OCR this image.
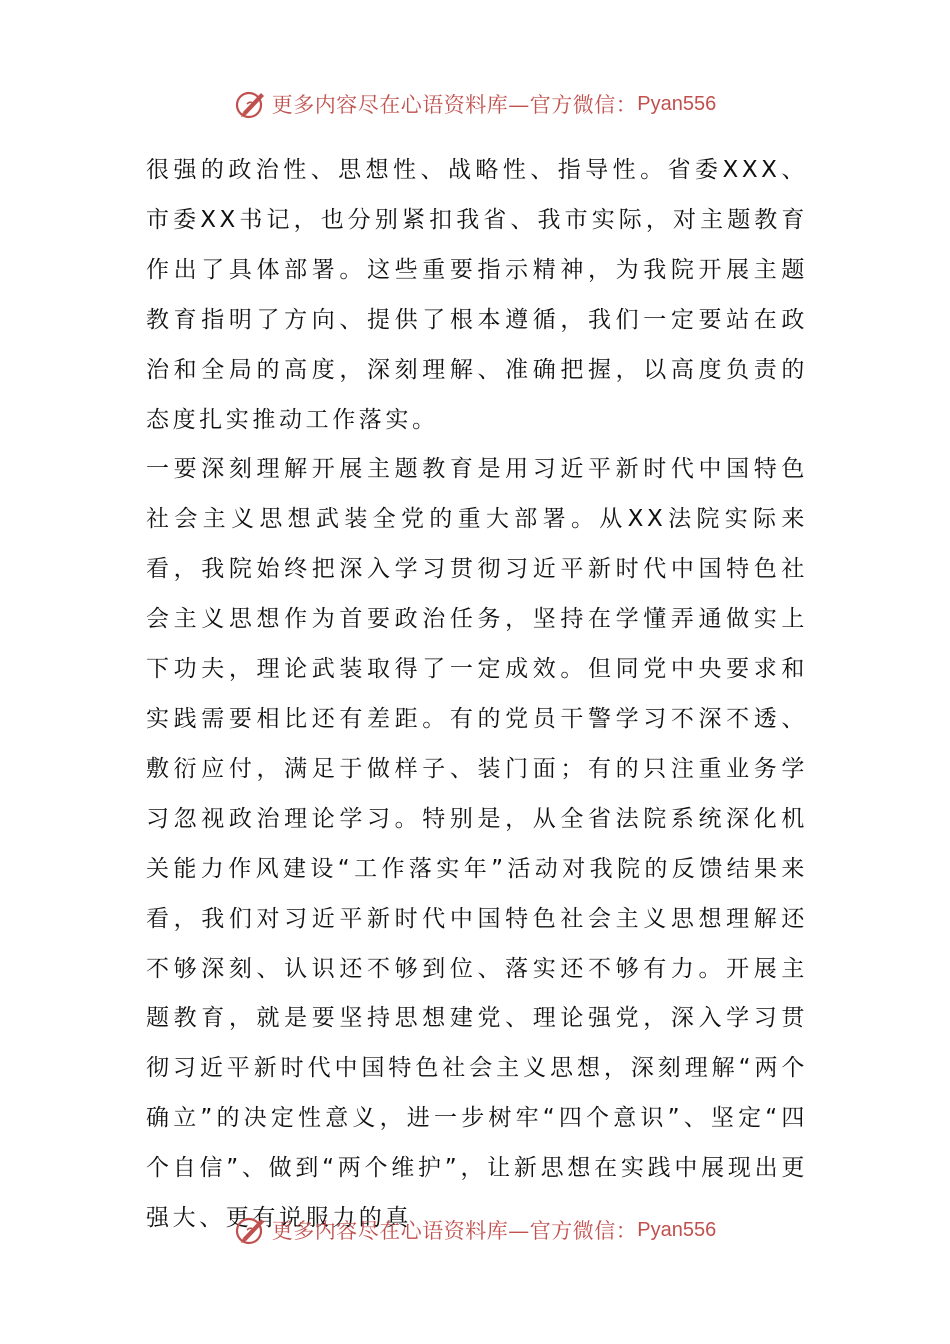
更多内容尽在心语资料库—官方微信： Pyan556

很强的政治性、思想性、战略性、指导性。省委XXX、市委XX书记，也分别紧扣我省、我市实际，对主题教育作出了具体部署。这些重要指示精神，为我院开展主题教育指明了方向、提供了根本遵循，我们一定要站在政治和全局的高度，深刻理解、准确把握，以高度负责的态度扎实推动工作落实。

一要深刻理解开展主题教育是用习近平新时代中国特色社会主义思想武装全党的重大部署。从XX法院实际来看，我院始终把深入学习贯彻习近平新时代中国特色社会主义思想作为首要政治任务，坚持在学懂弄通做实上下功夫，理论武装取得了一定成效。但同党中央要求和实践需要相比还有差距。有的党员干警学习不深不透、敷衍应付，满足于做样子、装门面；有的只注重业务学习忽视政治理论学习。特别是，从全省法院系统深化机关能力作风建设“工作落实年”活动对我院的反馈结果来看，我们对习近平新时代中国特色社会主义思想理解还不够深刻、认识还不够到位、落实还不够有力。开展主题教育，就是要坚持思想建党、理论强党，深入学习贯彻习近平新时代中国特色社会主义思想，深刻理解“两个确立”的决定性意义，进一步树牢“四个意识”、坚定“四个自信”、做到“两个维护”，让新思想在实践中展现出更强大、更有说服力的真

更多内容尽在心语资料库—官方微信： Pyan556
